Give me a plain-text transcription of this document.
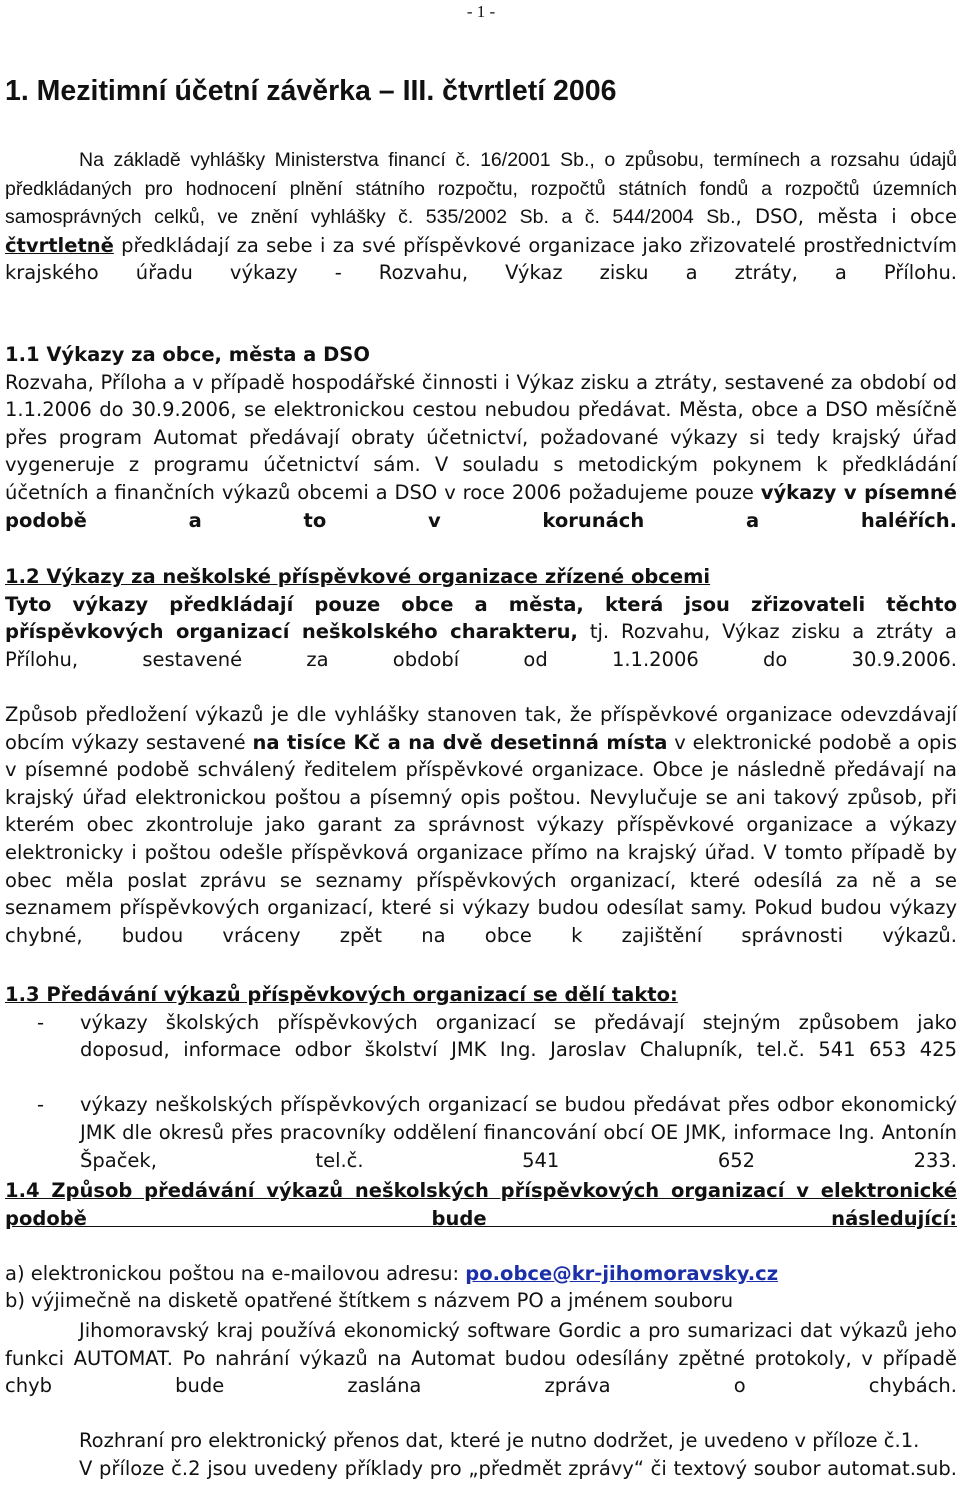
- 1 -
1. Mezitimní účetní závěrka – III. čtvrtletí 2006

Na základě vyhlášky Ministerstva financí č. 16/2001 Sb., o způsobu, termínech a rozsahu údajů předkládaných pro hodnocení plnění státního rozpočtu, rozpočtů státních fondů a rozpočtů územních samosprávných celků, ve znění vyhlášky č. 535/2002 Sb. a č. 544/2004 Sb., DSO, města i obce čtvrtletně předkládají za sebe i za své příspěvkové organizace jako zřizovatelé prostřednictvím krajského úřadu výkazy - Rozvahu, Výkaz zisku a ztráty, a Přílohu.

1.1 Výkazy za obce, města a DSO

Rozvaha, Příloha a v případě hospodářské činnosti i Výkaz zisku a ztráty, sestavené za období od 1.1.2006 do 30.9.2006, se elektronickou cestou nebudou předávat. Města, obce a DSO měsíčně přes program Automat předávají obraty účetnictví, požadované výkazy si tedy krajský úřad vygeneruje z programu účetnictví sám. V souladu s metodickým pokynem k předkládání účetních a finančních výkazů obcemi a DSO v roce 2006 požadujeme pouze výkazy v písemné podobě a to v korunách a haléřích.

1.2 Výkazy za neškolské příspěvkové organizace zřízené obcemi

Tyto výkazy předkládají pouze obce a města, která jsou zřizovateli těchto příspěvkových organizací neškolského charakteru, tj. Rozvahu, Výkaz zisku a ztráty a Přílohu, sestavené za období od 1.1.2006 do 30.9.2006.

Způsob předložení výkazů je dle vyhlášky stanoven tak, že příspěvkové organizace odevzdávají obcím výkazy sestavené na tisíce Kč a na dvě desetinná místa v elektronické podobě a opis v písemné podobě schválený ředitelem příspěvkové organizace. Obce je následně předávají na krajský úřad elektronickou poštou a písemný opis poštou. Nevylučuje se ani takový způsob, při kterém obec zkontroluje jako garant za správnost výkazy příspěvkové organizace a výkazy elektronicky i poštou odešle příspěvková organizace přímo na krajský úřad. V tomto případě by obec měla poslat zprávu se seznamy příspěvkových organizací, které odesílá za ně a se seznamem příspěvkových organizací, které si výkazy budou odesílat samy. Pokud budou výkazy chybné, budou vráceny zpět na obce k zajištění správnosti výkazů.

1.3 Předávání výkazů příspěvkových organizací se dělí takto:

-	výkazy školských příspěvkových organizací se předávají stejným způsobem jako doposud, informace odbor školství JMK Ing. Jaroslav Chalupník, tel.č. 541 653 425

-	výkazy neškolských příspěvkových organizací se budou předávat přes odbor ekonomický JMK dle okresů přes pracovníky oddělení financování obcí OE JMK, informace Ing. Antonín Špaček, tel.č. 541 652 233.

1.4 Způsob předávání výkazů neškolských příspěvkových organizací v elektronické podobě bude následující:

a) elektronickou poštou na e-mailovou adresu: po.obce@kr-jihomoravsky.cz

b) výjimečně na disketě opatřené štítkem s názvem PO a jménem souboru

Jihomoravský kraj používá ekonomický software Gordic a pro sumarizaci dat výkazů jeho funkci AUTOMAT. Po nahrání výkazů na Automat budou odesílány zpětné protokoly, v případě chyb bude zaslána zpráva o chybách.

Rozhraní pro elektronický přenos dat, které je nutno dodržet, je uvedeno v příloze č.1.

V příloze č.2 jsou uvedeny příklady pro „předmět zprávy“ či textový soubor automat.sub.
